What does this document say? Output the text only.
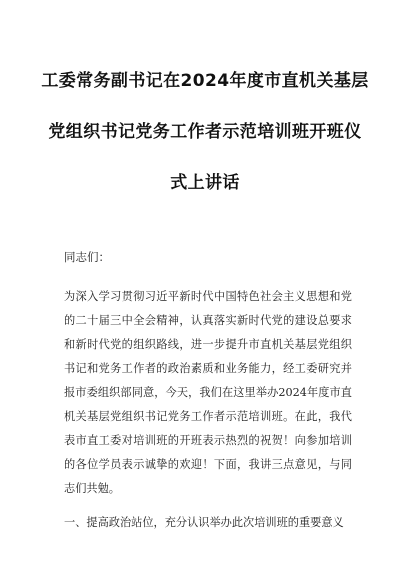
工委常务副书记在2024年度市直机关基层
党组织书记党务工作者示范培训班开班仪
式上讲话
同志们：
为深入学习贯彻习近平新时代中国特色社会主义思想和党
的二十届三中全会精神，认真落实新时代党的建设总要求
和新时代党的组织路线，进一步提升市直机关基层党组织
书记和党务工作者的政治素质和业务能力，经工委研究并
报市委组织部同意，今天，我们在这里举办2024年度市直
机关基层党组织书记党务工作者示范培训班。在此，我代
表市直工委对培训班的开班表示热烈的祝贺！向参加培训
的各位学员表示诚挚的欢迎！下面，我讲三点意见，与同
志们共勉。
一、提高政治站位，充分认识举办此次培训班的重要意义
